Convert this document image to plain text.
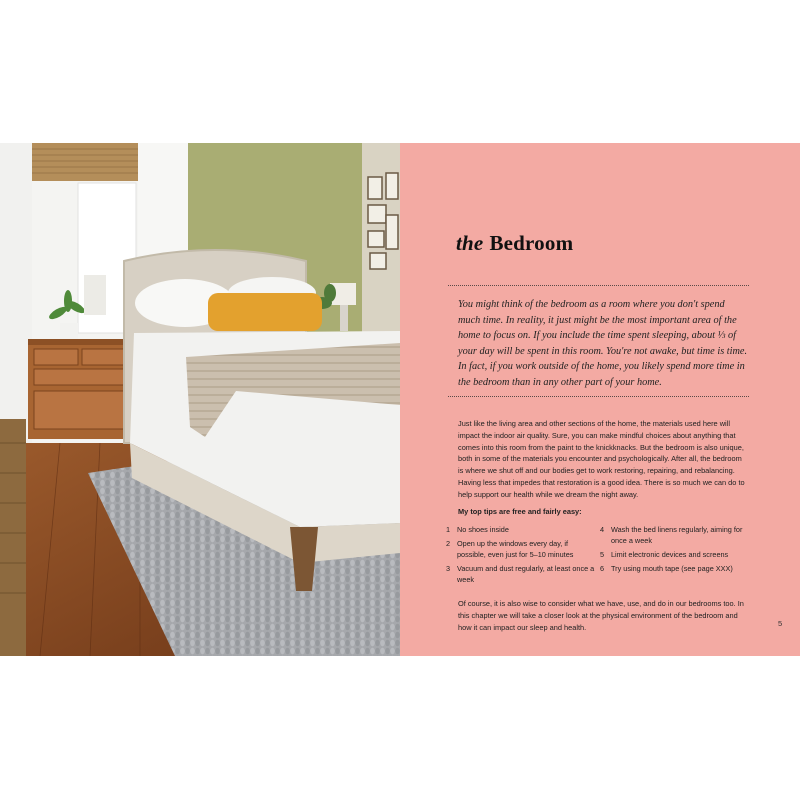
the Bedroom
You might think of the bedroom as a room where you don't spend much time. In reality, it just might be the most important area of the home to focus on. If you include the time spent sleeping, about ⅓ of your day will be spent in this room. You're not awake, but time is time. In fact, if you work outside of the home, you likely spend more time in the bedroom than in any other part of your home.
Just like the living area and other sections of the home, the materials used here will impact the indoor air quality. Sure, you can make mindful choices about anything that comes into this room from the paint to the knickknacks. But the bedroom is also unique, both in some of the materials you encounter and psychologically. After all, the bedroom is where we shut off and our bodies get to work restoring, repairing, and rebalancing. Having less that impedes that restoration is a good idea. There is so much we can do to help support our health while we dream the night away.
My top tips are free and fairly easy:
1 No shoes inside
2 Open up the windows every day, if possible, even just for 5–10 minutes
3 Vacuum and dust regularly, at least once a week
4 Wash the bed linens regularly, aiming for once a week
5 Limit electronic devices and screens
6 Try using mouth tape (see page XXX)
Of course, it is also wise to consider what we have, use, and do in our bedrooms too. In this chapter we will take a closer look at the physical environment of the bedroom and how it can impact our sleep and health.	5
